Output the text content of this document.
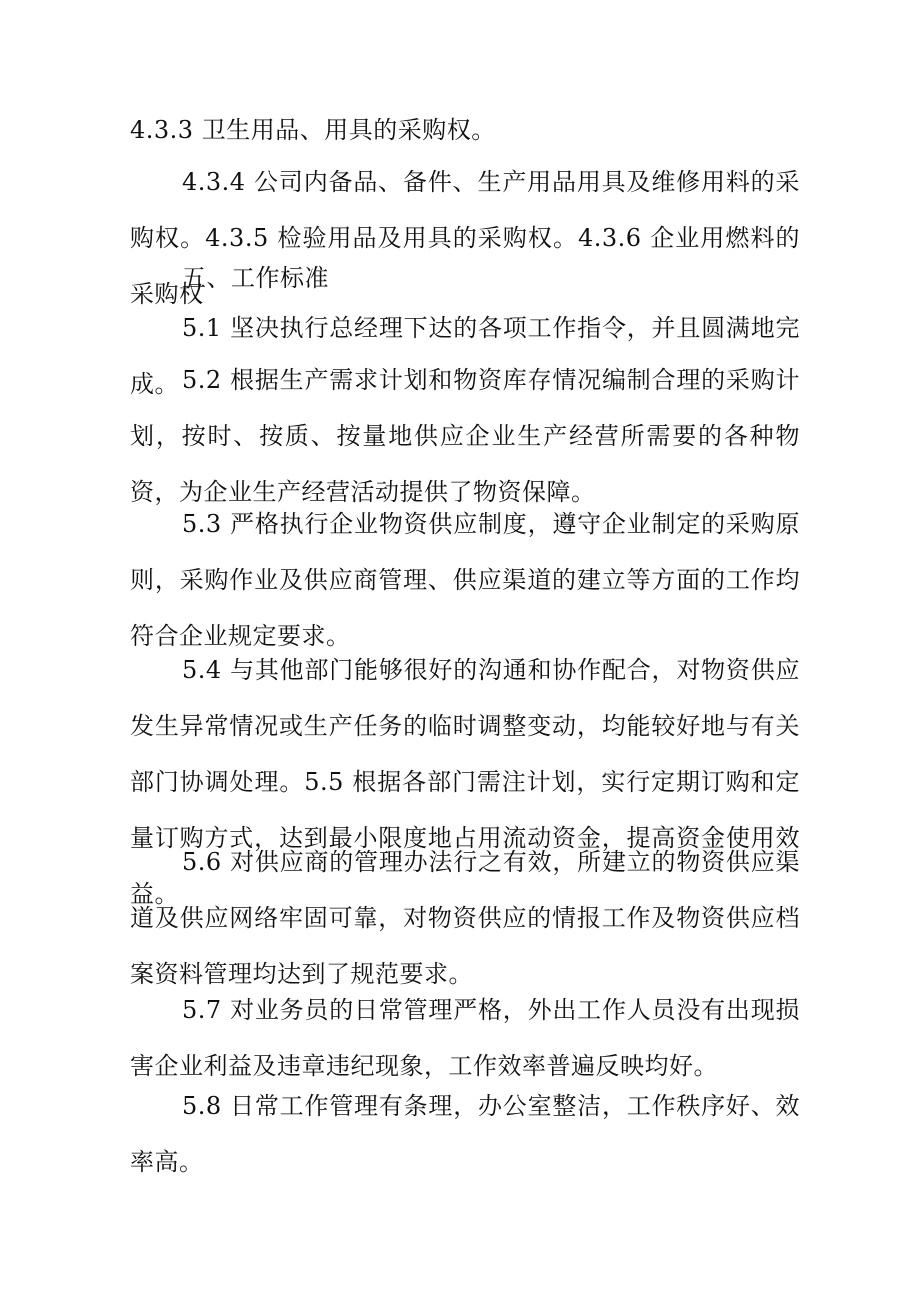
4.3.3 卫生用品、用具的采购权。

4.3.4 公司内备品、备件、生产用品用具及维修用料的采购权。4.3.5 检验用品及用具的采购权。4.3.6 企业用燃料的采购权

五、工作标准

5.1 坚决执行总经理下达的各项工作指令，并且圆满地完成。 5.2 根据生产需求计划和物资库存情况编制合理的采购计划，按时、按质、按量地供应企业生产经营所需要的各种物资，为企业生产经营活动提供了物资保障。

5.3 严格执行企业物资供应制度，遵守企业制定的采购原则，采购作业及供应商管理、供应渠道的建立等方面的工作均符合企业规定要求。

5.4 与其他部门能够很好的沟通和协作配合，对物资供应发生异常情况或生产任务的临时调整变动，均能较好地与有关部门协调处理。5.5 根据各部门需注计划，实行定期订购和定量订购方式，达到最小限度地占用流动资金，提高资金使用效益。

5.6 对供应商的管理办法行之有效，所建立的物资供应渠道及供应网络牢固可靠，对物资供应的情报工作及物资供应档案资料管理均达到了规范要求。

5.7 对业务员的日常管理严格，外出工作人员没有出现损害企业利益及违章违纪现象，工作效率普遍反映均好。

5.8 日常工作管理有条理，办公室整洁，工作秩序好、效率高。
